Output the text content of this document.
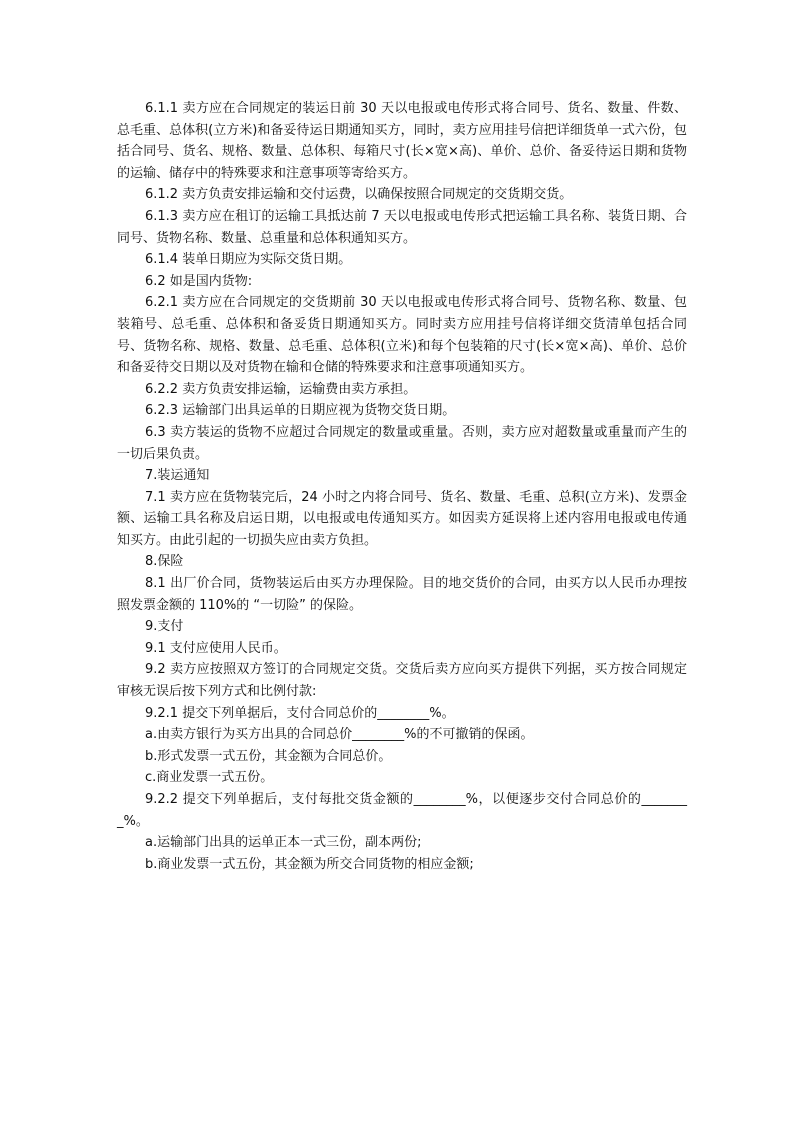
6.1.1 卖方应在合同规定的装运日前 30 天以电报或电传形式将合同号、货名、数量、件数、总毛重、总体积(立方米)和备妥待运日期通知买方，同时，卖方应用挂号信把详细货单一式六份，包括合同号、货名、规格、数量、总体积、每箱尺寸(长×宽×高)、单价、总价、备妥待运日期和货物的运输、储存中的特殊要求和注意事项等寄给买方。

6.1.2 卖方负责安排运输和交付运费，以确保按照合同规定的交货期交货。

6.1.3 卖方应在租订的运输工具抵达前 7 天以电报或电传形式把运输工具名称、装货日期、合同号、货物名称、数量、总重量和总体积通知买方。

6.1.4 装单日期应为实际交货日期。

6.2 如是国内货物:

6.2.1 卖方应在合同规定的交货期前 30 天以电报或电传形式将合同号、货物名称、数量、包装箱号、总毛重、总体积和备妥货日期通知买方。同时卖方应用挂号信将详细交货清单包括合同号、货物名称、规格、数量、总毛重、总体积(立米)和每个包装箱的尺寸(长×宽×高)、单价、总价和备妥待交日期以及对货物在输和仓储的特殊要求和注意事项通知买方。

6.2.2 卖方负责安排运输，运输费由卖方承担。

6.2.3 运输部门出具运单的日期应视为货物交货日期。

6.3 卖方装运的货物不应超过合同规定的数量或重量。否则，卖方应对超数量或重量而产生的一切后果负责。

7.装运通知

7.1 卖方应在货物装完后，24 小时之内将合同号、货名、数量、毛重、总积(立方米)、发票金额、运输工具名称及启运日期，以电报或电传通知买方。如因卖方延误将上述内容用电报或电传通知买方。由此引起的一切损失应由卖方负担。

8.保险

8.1 出厂价合同，货物装运后由买方办理保险。目的地交货价的合同，由买方以人民币办理按照发票金额的 110%的 “一切险” 的保险。

9.支付

9.1 支付应使用人民币。

9.2 卖方应按照双方签订的合同规定交货。交货后卖方应向买方提供下列据，买方按合同规定审核无误后按下列方式和比例付款:

9.2.1 提交下列单据后，支付合同总价的________%。

a.由卖方银行为买方出具的合同总价________%的不可撤销的保函。

b.形式发票一式五份，其金额为合同总价。

c.商业发票一式五份。

9.2.2 提交下列单据后，支付每批交货金额的________%，以便逐步交付合同总价的________%。

a.运输部门出具的运单正本一式三份，副本两份;

b.商业发票一式五份，其金额为所交合同货物的相应金额;
